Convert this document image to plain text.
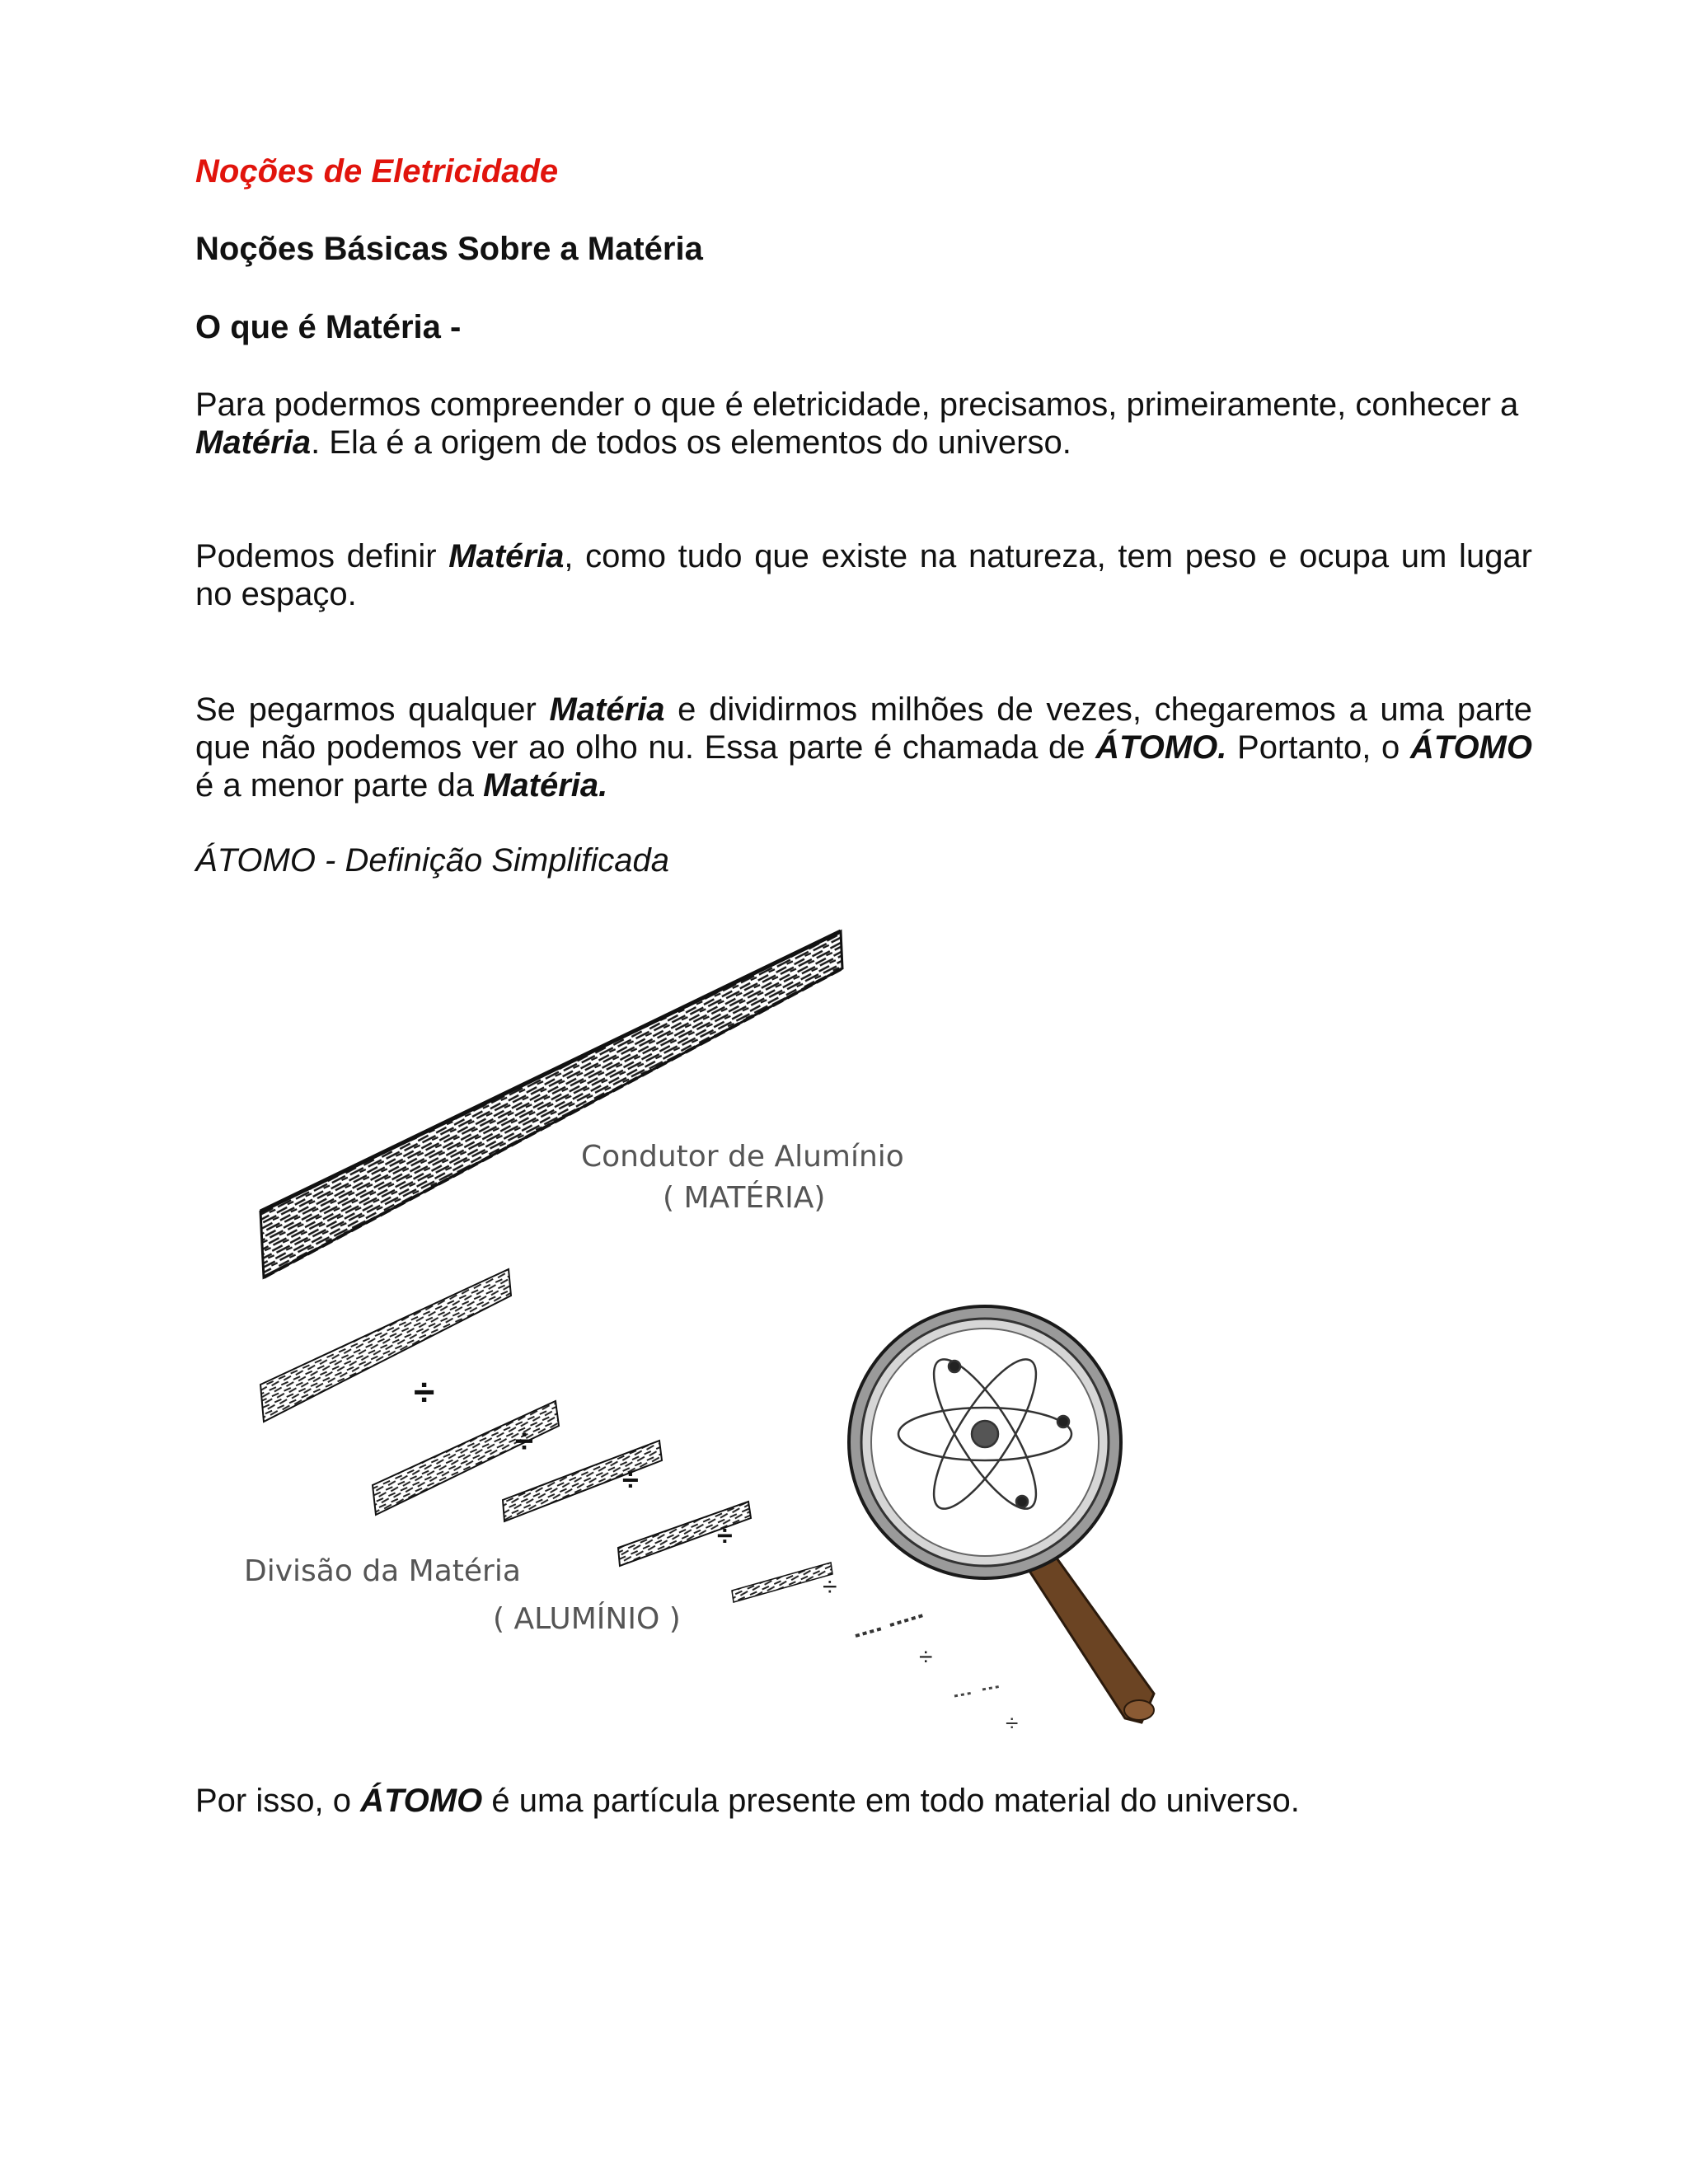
Noções de Eletricidade
Noções Básicas Sobre a Matéria
O que é Matéria -

Para podermos compreender o que é eletricidade, precisamos, primeiramente, conhecer a
Matéria. Ela é a origem de todos os elementos do universo.

Podemos definir Matéria, como tudo que existe na natureza, tem peso e ocupa um lugar no espaço.

Se pegarmos qualquer Matéria e dividirmos milhões de vezes, chegaremos a uma parte que não podemos ver ao olho nu. Essa parte é chamada de ÁTOMO. Portanto, o ÁTOMO é a menor parte da Matéria.

ÁTOMO - Definição Simplificada

Condutor de Alumínio
( MATÉRIA)
÷
÷
÷
÷
÷
÷
÷
Divisão da Matéria
( ALUMÍNIO )

Por isso, o ÁTOMO é uma partícula presente em todo material do universo.
